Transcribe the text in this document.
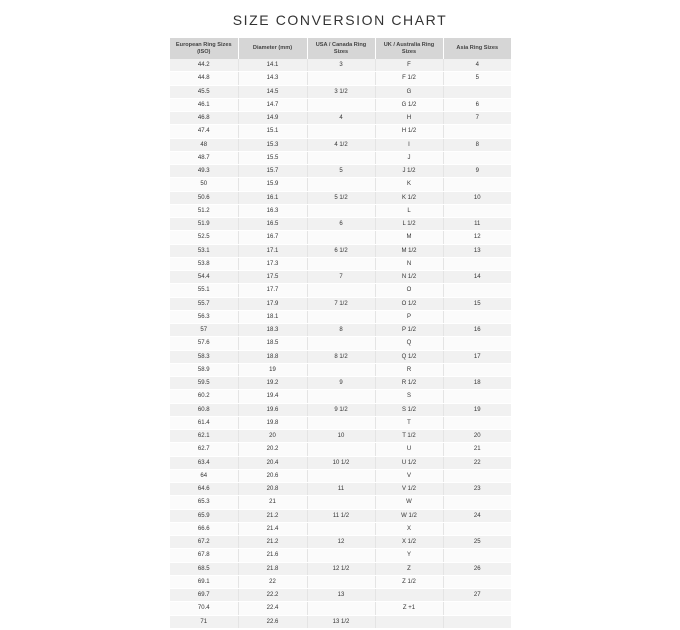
SIZE CONVERSION CHART
European Ring Sizes (ISO)	Diameter (mm)	USA / Canada Ring Sizes	UK / Australia Ring Sizes	Asia Ring Sizes
44.2	14.1	3	F	4
44.8	14.3		F 1/2	5
45.5	14.5	3 1/2	G	
46.1	14.7		G 1/2	6
46.8	14.9	4	H	7
47.4	15.1		H 1/2	
48	15.3	4 1/2	I	8
48.7	15.5		J	
49.3	15.7	5	J 1/2	9
50	15.9		K	
50.6	16.1	5 1/2	K 1/2	10
51.2	16.3		L	
51.9	16.5	6	L 1/2	11
52.5	16.7		M	12
53.1	17.1	6 1/2	M 1/2	13
53.8	17.3		N	
54.4	17.5	7	N 1/2	14
55.1	17.7		O	
55.7	17.9	7 1/2	O 1/2	15
56.3	18.1		P	
57	18.3	8	P 1/2	16
57.6	18.5		Q	
58.3	18.8	8 1/2	Q 1/2	17
58.9	19		R	
59.5	19.2	9	R 1/2	18
60.2	19.4		S	
60.8	19.6	9 1/2	S 1/2	19
61.4	19.8		T	
62.1	20	10	T 1/2	20
62.7	20.2		U	21
63.4	20.4	10 1/2	U 1/2	22
64	20.6		V	
64.6	20.8	11	V 1/2	23
65.3	21		W	
65.9	21.2	11 1/2	W 1/2	24
66.6	21.4		X	
67.2	21.2	12	X 1/2	25
67.8	21.6		Y	
68.5	21.8	12 1/2	Z	26
69.1	22		Z 1/2	
69.7	22.2	13		27
70.4	22.4		Z +1	
71	22.6	13 1/2		
